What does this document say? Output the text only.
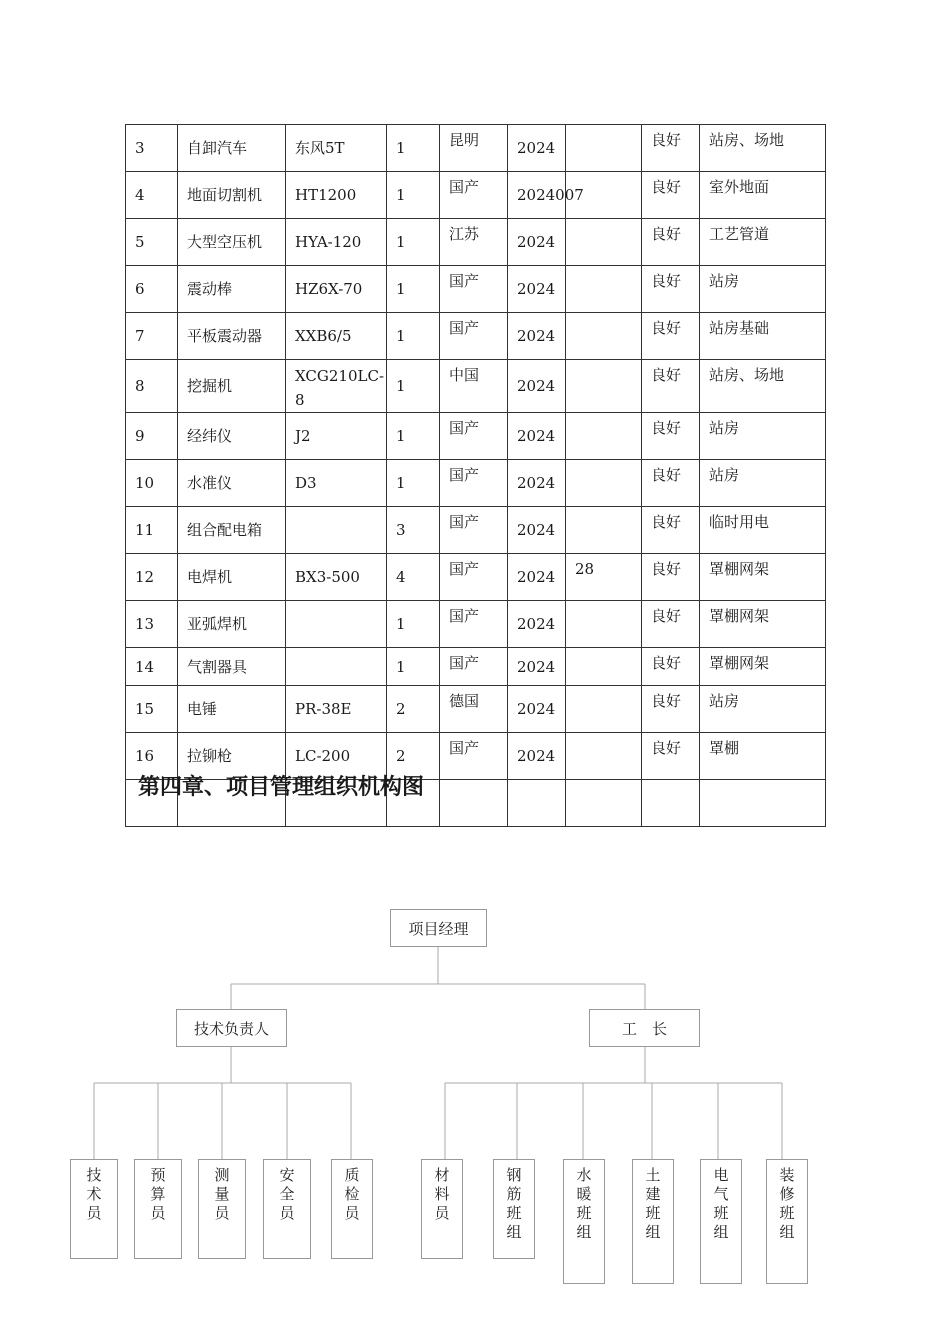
3	自卸汽车	东风5T	1	昆明	2024		良好	站房、场地
4	地面切割机	HT1200	1	国产	2024007		良好	室外地面
5	大型空压机	HYA-120	1	江苏	2024		良好	工艺管道
6	震动棒	HZ6X-70	1	国产	2024		良好	站房
7	平板震动器	XXB6/5	1	国产	2024		良好	站房基础
8	挖掘机	XCG210LC-8	1	中国	2024		良好	站房、场地
9	经纬仪	J2	1	国产	2024		良好	站房
10	水准仪	D3	1	国产	2024		良好	站房
11	组合配电箱		3	国产	2024		良好	临时用电
12	电焊机	BX3-500	4	国产	2024	28	良好	罩棚网架
13	亚弧焊机		1	国产	2024		良好	罩棚网架
14	气割器具		1	国产	2024		良好	罩棚网架
15	电锤	PR-38E	2	德国	2024		良好	站房
16	拉铆枪	LC-200	2	国产	2024		良好	罩棚

第四章、项目管理组织机构图
项目经理
技术负责人	工　长
技术员
预算员
测量员
安全员
质检员
材料员
钢筋班组
水暖班组
土建班组
电气班组
装修班组
